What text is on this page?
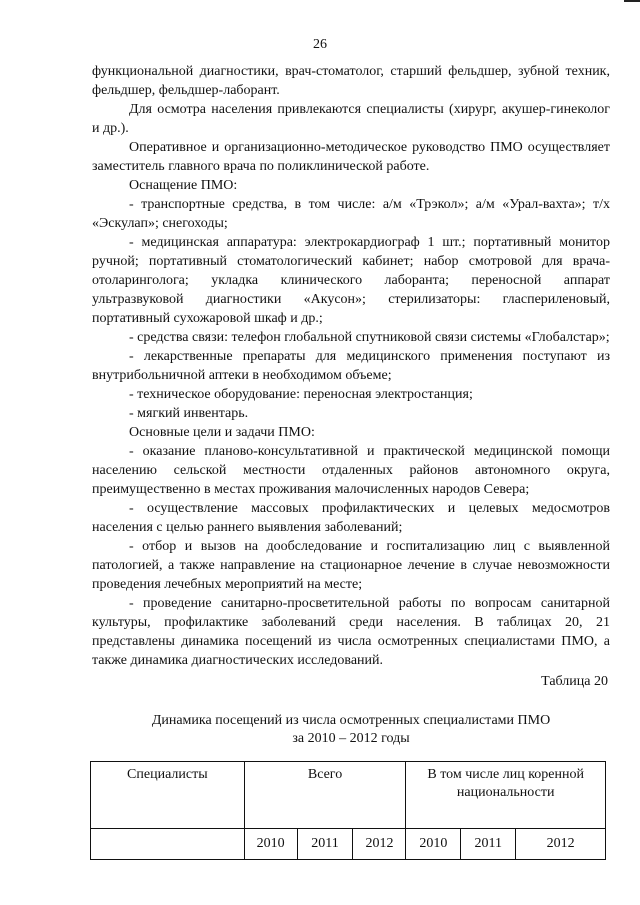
26

функциональной диагностики, врач-стоматолог, старший фельдшер, зубной техник, фельдшер, фельдшер-лаборант.

Для осмотра населения привлекаются специалисты (хирург, акушер-гинеколог и др.).

Оперативное и организационно-методическое руководство ПМО осуществляет заместитель главного врача по поликлинической работе.

Оснащение ПМО:

- транспортные средства, в том числе: а/м «Трэкол»; а/м «Урал-вахта»; т/х «Эскулап»; снегоходы;

- медицинская аппаратура: электрокардиограф 1 шт.; портативный монитор ручной; портативный стоматологический кабинет; набор смотровой для врача-отоларинголога; укладка клинического лаборанта; переносной аппарат ультразвуковой диагностики «Акусон»; стерилизаторы: гласпериленовый, портативный сухожаровой шкаф и др.;

- средства связи: телефон глобальной спутниковой связи системы «Глобалстар»;

- лекарственные препараты для медицинского применения поступают из внутрибольничной аптеки в необходимом объеме;

- техническое оборудование: переносная электростанция;

- мягкий инвентарь.

Основные цели и задачи ПМО:

- оказание планово-консультативной и практической медицинской помощи населению сельской местности отдаленных районов автономного округа, преимущественно в местах проживания малочисленных народов Севера;

- осуществление массовых профилактических и целевых медосмотров населения с целью раннего выявления заболеваний;

- отбор и вызов на дообследование и госпитализацию лиц с выявленной патологией, а также направление на стационарное лечение в случае невозможности проведения лечебных мероприятий на месте;

- проведение санитарно-просветительной работы по вопросам санитарной культуры, профилактике заболеваний среди населения. В таблицах 20, 21 представлены динамика посещений из числа осмотренных специалистами ПМО, а также динамика диагностических исследований.

Таблица 20
Динамика посещений из числа осмотренных специалистами ПМО
за 2010 – 2012 годы
Специалисты	Всего			В том числе лиц коренной национальности		
	2010	2011	2012	2010	2011	2012
